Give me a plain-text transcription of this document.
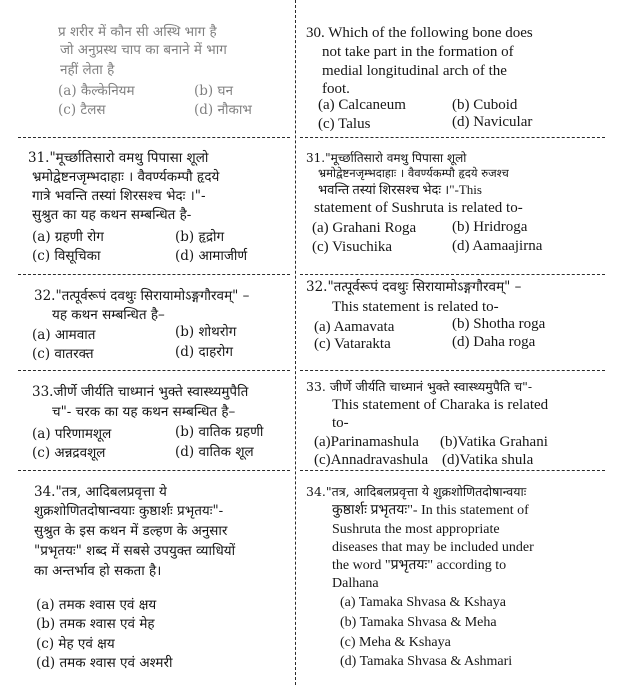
प्र शरीर में कौन सी अस्थि भाग है
जो अनुप्रस्थ चाप का बनाने में भाग
नहीं लेता है
(a) कैल्केनियम	(b) घन
(c) टैलस	(d) नौकाभ
31."मूर्च्छातिसारो वमथु पिपासा शूलो
भ्रमोद्वेष्टनजृम्भदाहाः । वैवर्ण्यकम्पौ हृदये
गात्रे भवन्ति तस्यां शिरसश्च भेदः ।"-
सुश्रुत का यह कथन सम्बन्धित है-
(a) ग्रहणी रोग	(b) हृद्रोग
(c) विसूचिका	(d) आमाजीर्ण
32."तत्पूर्वरूपं दवथुः सिरायामोऽङ्गगौरवम्" –
यह कथन सम्बन्धित है–
(a) आमवात	(b) शोथरोग
(c) वातरक्त	(d) दाहरोग
33.जीर्णे जीर्यति चाध्मानं भुक्ते स्वास्थ्यमुपैति
च"- चरक का यह कथन सम्बन्धित है–
(a) परिणामशूल	(b) वातिक ग्रहणी
(c) अन्नद्रवशूल	(d) वातिक शूल
34."तत्र, आदिबलप्रवृत्ता ये
शुक्रशोणितदोषान्वयाः कुष्ठार्शः प्रभृतयः"-
सुश्रुत के इस कथन में डल्हण के अनुसार
"प्रभृतयः" शब्द में सबसे उपयुक्त व्याधियों
का अन्तर्भाव हो सकता है।
(a) तमक श्वास एवं क्षय
(b) तमक श्वास एवं मेह
(c) मेह एवं क्षय
(d) तमक श्वास एवं अश्मरी
30. Which of the following bone does
not take part in the formation of
medial longitudinal arch of the
foot.
(a) Calcaneum	(b) Cuboid
(c) Talus	(d) Navicular
31."मूर्च्छातिसारो वमथु पिपासा शूलो
भ्रमोद्वेष्टनजृम्भदाहाः । वैवर्ण्यकम्पौ हृदये रुजश्च
भवन्ति तस्यां शिरसश्च भेदः ।"-This
statement of Sushruta is related to-
(a) Grahani Roga (b) Hridroga
(c) Visuchika	(d) Aamaajirna
32."तत्पूर्वरूपं दवथुः सिरायामोऽङ्गगौरवम्" –
This statement is related to-
(a) Aamavata	(b) Shotha roga
(c) Vatarakta	(d) Daha roga
33. जीर्णे जीर्यति चाध्मानं भुक्ते स्वास्थ्यमुपैति च"-
This statement of Charaka is related
to-
(a)Parinamashula (b)Vatika Grahani
(c)Annadravashula (d)Vatika shula
34."तत्र, आदिबलप्रवृत्ता ये शुक्रशोणितदोषान्वयाः
कुष्ठार्शः प्रभृतयः"- In this statement of
Sushruta the most appropriate
diseases that may be included under
the word "प्रभृतयः" according to
Dalhana
(a) Tamaka Shvasa & Kshaya
(b) Tamaka Shvasa & Meha
(c) Meha & Kshaya
(d) Tamaka Shvasa & Ashmari
